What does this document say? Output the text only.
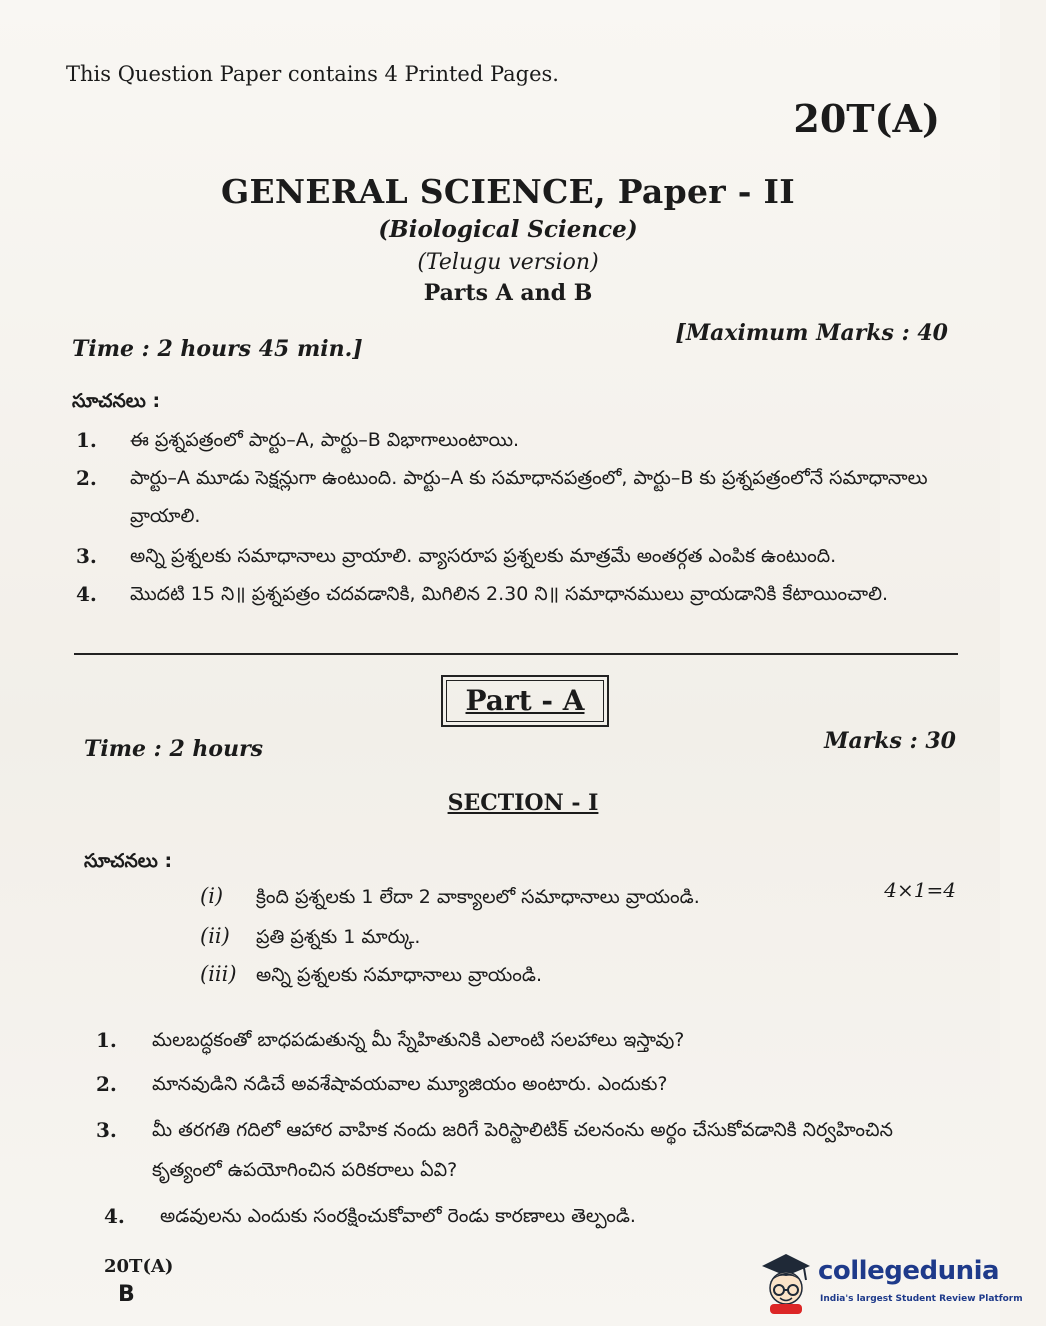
This Question Paper contains 4 Printed Pages.
20T(A)
GENERAL SCIENCE, Paper - II
(Biological Science)
(Telugu version)
Parts A and B
Time : 2 hours 45 min.]
[Maximum Marks : 40
సూచనలు :
1. ఈ ప్రశ్నపత్రంలో పార్టు–A, పార్టు–B విభాగాలుంటాయి.
2. పార్టు–A మూడు సెక్షన్లుగా ఉంటుంది. పార్టు–A కు సమాధానపత్రంలో, పార్టు–B కు ప్రశ్నపత్రంలోనే సమాధానాలు వ్రాయాలి.
3. అన్ని ప్రశ్నలకు సమాధానాలు వ్రాయాలి. వ్యాసరూప ప్రశ్నలకు మాత్రమే అంతర్గత ఎంపిక ఉంటుంది.
4. మొదటి 15 ని॥ ప్రశ్నపత్రం చదవడానికి, మిగిలిన 2.30 ని॥ సమాధానములు వ్రాయడానికి కేటాయించాలి.
Part - A
Time : 2 hours	Marks : 30
SECTION - I
సూచనలు :
(i) క్రింది ప్రశ్నలకు 1 లేదా 2 వాక్యాలలో సమాధానాలు వ్రాయండి.
(ii) ప్రతి ప్రశ్నకు 1 మార్కు.
(iii) అన్ని ప్రశ్నలకు సమాధానాలు వ్రాయండి.
4×1=4
1. మలబద్ధకంతో బాధపడుతున్న మీ స్నేహితునికి ఎలాంటి సలహాలు ఇస్తావు?
2. మానవుడిని నడిచే అవశేషావయవాల మ్యూజియం అంటారు. ఎందుకు?
3. మీ తరగతి గదిలో ఆహార వాహిక నందు జరిగే పెరిస్టాలిటిక్ చలనంను అర్థం చేసుకోవడానికి నిర్వహించిన కృత్యంలో ఉపయోగించిన పరికరాలు ఏవి?
4. అడవులను ఎందుకు సంరక్షించుకోవాలో రెండు కారణాలు తెల్పండి.
20T(A)
B
collegedunia
India's largest Student Review Platform
